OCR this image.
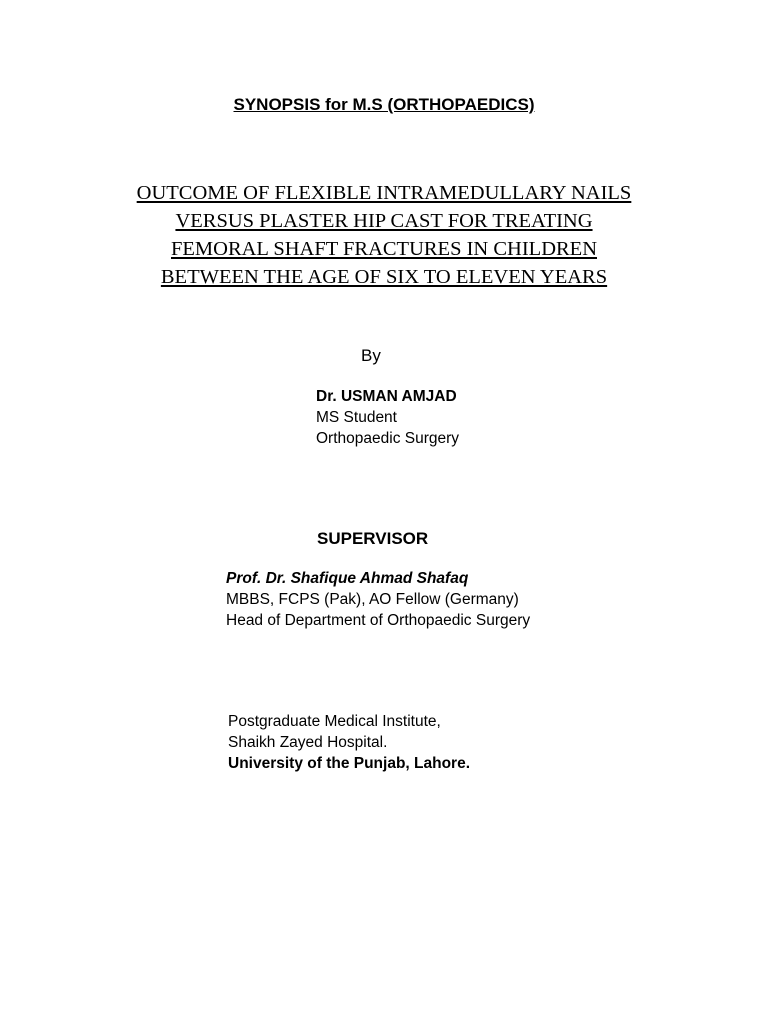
SYNOPSIS for M.S (ORTHOPAEDICS)
OUTCOME OF FLEXIBLE INTRAMEDULLARY NAILS
VERSUS PLASTER HIP CAST FOR TREATING
FEMORAL SHAFT FRACTURES IN CHILDREN
BETWEEN THE AGE OF SIX TO ELEVEN YEARS
By
Dr. USMAN AMJAD
MS Student
Orthopaedic Surgery
SUPERVISOR
Prof. Dr. Shafique Ahmad Shafaq
MBBS, FCPS (Pak), AO Fellow (Germany)
Head of Department of Orthopaedic Surgery
Postgraduate Medical Institute,
Shaikh Zayed Hospital.
University of the Punjab, Lahore.
